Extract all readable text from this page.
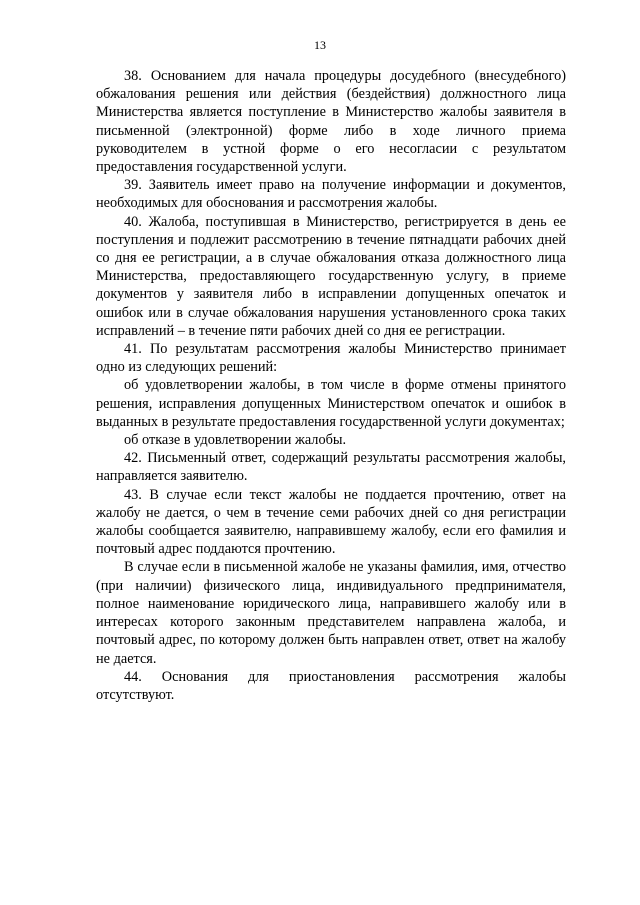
13

38. Основанием для начала процедуры досудебного (внесудебного) обжалования решения или действия (бездействия) должностного лица Министерства является поступление в Министерство жалобы заявителя в письменной (электронной) форме либо в ходе личного приема руководителем в устной форме о его несогласии с результатом предоставления государственной услуги.

39. Заявитель имеет право на получение информации и документов, необходимых для обоснования и рассмотрения жалобы.

40. Жалоба, поступившая в Министерство, регистрируется в день ее поступления и подлежит рассмотрению в течение пятнадцати рабочих дней со дня ее регистрации, а в случае обжалования отказа должностного лица Министерства, предоставляющего государственную услугу, в приеме документов у заявителя либо в исправлении допущенных опечаток и ошибок или в случае обжалования нарушения установленного срока таких исправлений – в течение пяти рабочих дней со дня ее регистрации.

41. По результатам рассмотрения жалобы Министерство принимает одно из следующих решений:

об удовлетворении жалобы, в том числе в форме отмены принятого решения, исправления допущенных Министерством опечаток и ошибок в выданных в результате предоставления государственной услуги документах;

об отказе в удовлетворении жалобы.

42. Письменный ответ, содержащий результаты рассмотрения жалобы, направляется заявителю.

43. В случае если текст жалобы не поддается прочтению, ответ на жалобу не дается, о чем в течение семи рабочих дней со дня регистрации жалобы сообщается заявителю, направившему жалобу, если его фамилия и почтовый адрес поддаются прочтению.

В случае если в письменной жалобе не указаны фамилия, имя, отчество (при наличии) физического лица, индивидуального предпринимателя, полное наименование юридического лица, направившего жалобу или в интересах которого законным представителем направлена жалоба, и почтовый адрес, по которому должен быть направлен ответ, ответ на жалобу не дается.

44. Основания для приостановления рассмотрения жалобы отсутствуют.
